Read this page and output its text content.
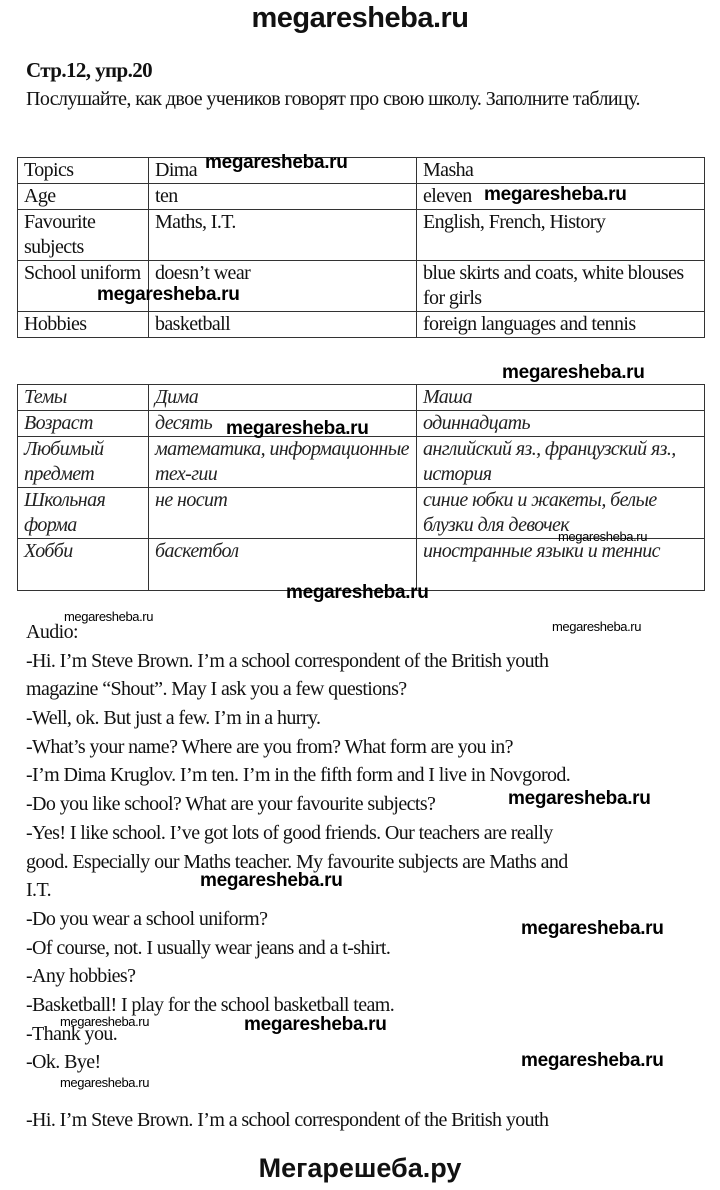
megaresheba.ru
Стр.12, упр.20
Послушайте, как двое учеников говорят про свою школу. Заполните таблицу.
Topics	Dima	Masha
Age	ten	eleven
Favourite subjects	Maths, I.T.	English, French, History
School uniform	doesn’t wear	blue skirts and coats, white blouses for girls
Hobbies	basketball	foreign languages and tennis
Темы	Дима	Маша
Возраст	десять	одиннадцать
Любимый предмет	математика, информационные тех-гии	английский яз., французский яз., история
Школьная форма	не носит	синие юбки и жакеты, белые блузки для девочек
Хобби	баскетбол	иностранные языки и теннис
Audio:
-Hi. I’m Steve Brown. I’m a school correspondent of the British youth
magazine “Shout”. May I ask you a few questions?
-Well, ok. But just a few. I’m in a hurry.
-What’s your name? Where are you from? What form are you in?
-I’m Dima Kruglov. I’m ten. I’m in the fifth form and I live in Novgorod.
-Do you like school? What are your favourite subjects?
-Yes! I like school. I’ve got lots of good friends. Our teachers are really
good. Especially our Maths teacher. My favourite subjects are Maths and
I.T.
-Do you wear a school uniform?
-Of course, not. I usually wear jeans and a t-shirt.
-Any hobbies?
-Basketball! I play for the school basketball team.
-Thank you.
-Ok. Bye!
-Hi. I’m Steve Brown. I’m a school correspondent of the British youth
megaresheba.ru
megaresheba.ru
megaresheba.ru
megaresheba.ru
megaresheba.ru
megaresheba.ru
megaresheba.ru
megaresheba.ru
megaresheba.ru
megaresheba.ru
megaresheba.ru
megaresheba.ru
megaresheba.ru	megaresheba.ru
megaresheba.ru
megaresheba.ru
Мегарешеба.ру
